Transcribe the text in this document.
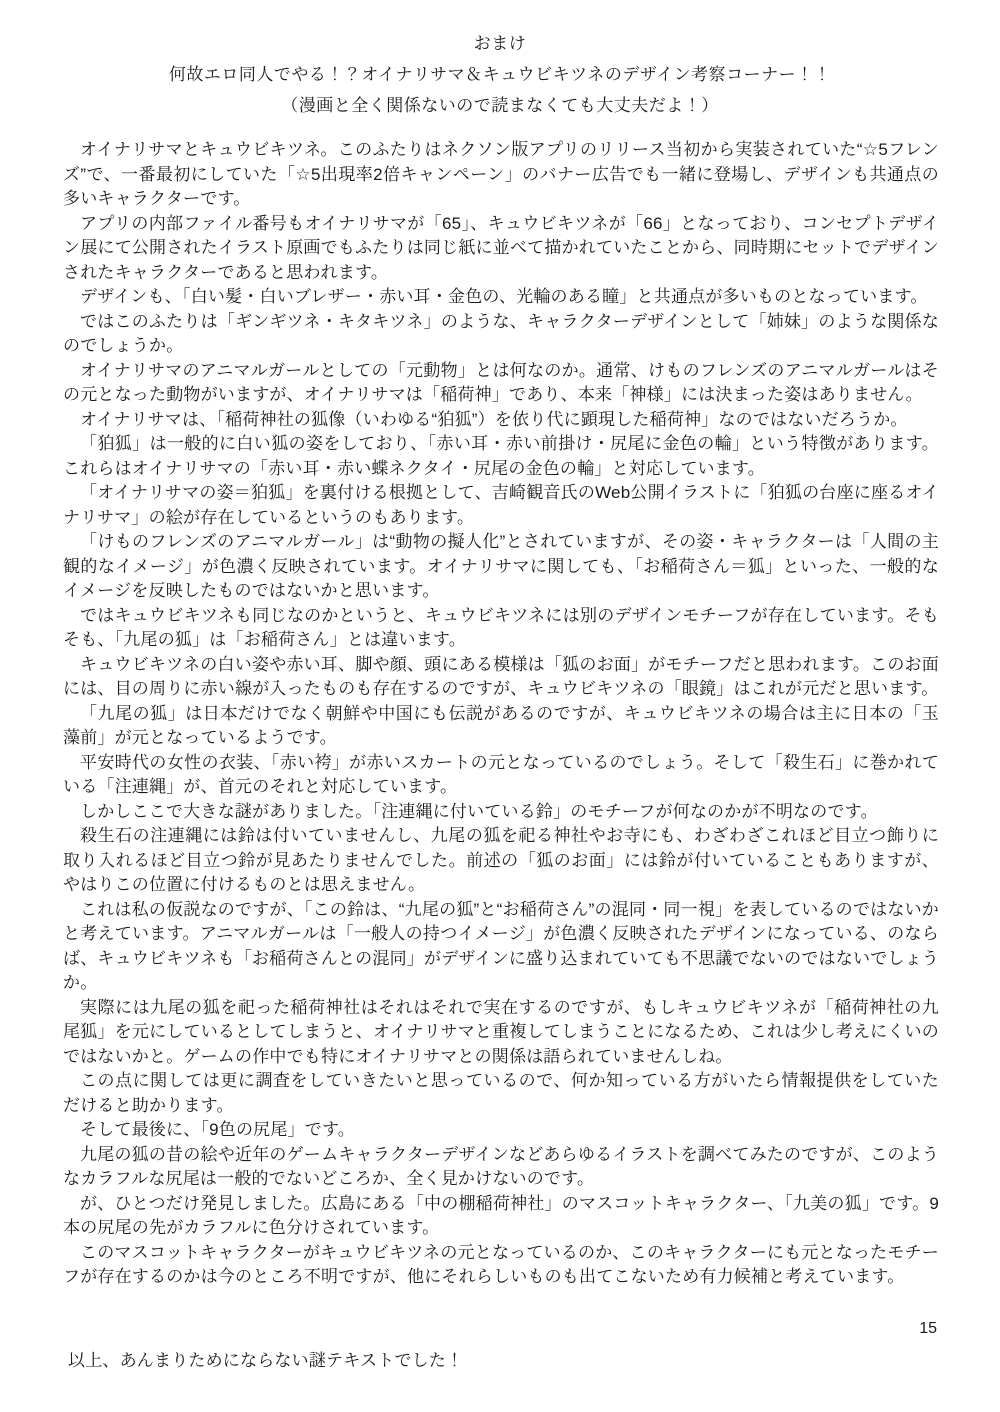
おまけ
何故エロ同人でやる！？オイナリサマ＆キュウビキツネのデザイン考察コーナー！！
（漫画と全く関係ないので読まなくても大丈夫だよ！）

オイナリサマとキュウビキツネ。このふたりはネクソン版アプリのリリース当初から実装されていた“☆5フレンズ”で、一番最初にしていた「☆5出現率2倍キャンペーン」のバナー広告でも一緒に登場し、デザインも共通点の多いキャラクターです。

アプリの内部ファイル番号もオイナリサマが「65」、キュウビキツネが「66」となっており、コンセプトデザイン展にて公開されたイラスト原画でもふたりは同じ紙に並べて描かれていたことから、同時期にセットでデザインされたキャラクターであると思われます。

デザインも、「白い髪・白いブレザー・赤い耳・金色の、光輪のある瞳」と共通点が多いものとなっています。

ではこのふたりは「ギンギツネ・キタキツネ」のような、キャラクターデザインとして「姉妹」のような関係なのでしょうか。

オイナリサマのアニマルガールとしての「元動物」とは何なのか。通常、けものフレンズのアニマルガールはその元となった動物がいますが、オイナリサマは「稲荷神」であり、本来「神様」には決まった姿はありません。

オイナリサマは、「稲荷神社の狐像（いわゆる“狛狐”）を依り代に顕現した稲荷神」なのではないだろうか。

「狛狐」は一般的に白い狐の姿をしており、「赤い耳・赤い前掛け・尻尾に金色の輪」という特徴があります。これらはオイナリサマの「赤い耳・赤い蝶ネクタイ・尻尾の金色の輪」と対応しています。

「オイナリサマの姿＝狛狐」を裏付ける根拠として、吉崎観音氏のWeb公開イラストに「狛狐の台座に座るオイナリサマ」の絵が存在しているというのもあります。

「けものフレンズのアニマルガール」は“動物の擬人化”とされていますが、その姿・キャラクターは「人間の主観的なイメージ」が色濃く反映されています。オイナリサマに関しても、「お稲荷さん＝狐」といった、一般的なイメージを反映したものではないかと思います。

ではキュウビキツネも同じなのかというと、キュウビキツネには別のデザインモチーフが存在しています。そもそも、「九尾の狐」は「お稲荷さん」とは違います。

キュウビキツネの白い姿や赤い耳、脚や顔、頭にある模様は「狐のお面」がモチーフだと思われます。このお面には、目の周りに赤い線が入ったものも存在するのですが、キュウビキツネの「眼鏡」はこれが元だと思います。

「九尾の狐」は日本だけでなく朝鮮や中国にも伝説があるのですが、キュウビキツネの場合は主に日本の「玉藻前」が元となっているようです。

平安時代の女性の衣装、「赤い袴」が赤いスカートの元となっているのでしょう。そして「殺生石」に巻かれている「注連縄」が、首元のそれと対応しています。

しかしここで大きな謎がありました。「注連縄に付いている鈴」のモチーフが何なのかが不明なのです。

殺生石の注連縄には鈴は付いていませんし、九尾の狐を祀る神社やお寺にも、わざわざこれほど目立つ飾りに取り入れるほど目立つ鈴が見あたりませんでした。前述の「狐のお面」には鈴が付いていることもありますが、やはりこの位置に付けるものとは思えません。

これは私の仮説なのですが、「この鈴は、“九尾の狐”と“お稲荷さん”の混同・同一視」を表しているのではないかと考えています。アニマルガールは「一般人の持つイメージ」が色濃く反映されたデザインになっている、のならば、キュウビキツネも「お稲荷さんとの混同」がデザインに盛り込まれていても不思議でないのではないでしょうか。

実際には九尾の狐を祀った稲荷神社はそれはそれで実在するのですが、もしキュウビキツネが「稲荷神社の九尾狐」を元にしているとしてしまうと、オイナリサマと重複してしまうことになるため、これは少し考えにくいのではないかと。ゲームの作中でも特にオイナリサマとの関係は語られていませんしね。

この点に関しては更に調査をしていきたいと思っているので、何か知っている方がいたら情報提供をしていただけると助かります。

そして最後に、「9色の尻尾」です。

九尾の狐の昔の絵や近年のゲームキャラクターデザインなどあらゆるイラストを調べてみたのですが、このようなカラフルな尻尾は一般的でないどころか、全く見かけないのです。

が、ひとつだけ発見しました。広島にある「中の棚稲荷神社」のマスコットキャラクター、「九美の狐」です。9本の尻尾の先がカラフルに色分けされています。

このマスコットキャラクターがキュウビキツネの元となっているのか、このキャラクターにも元となったモチーフが存在するのかは今のところ不明ですが、他にそれらしいものも出てこないため有力候補と考えています。

15
以上、あんまりためにならない謎テキストでした！
